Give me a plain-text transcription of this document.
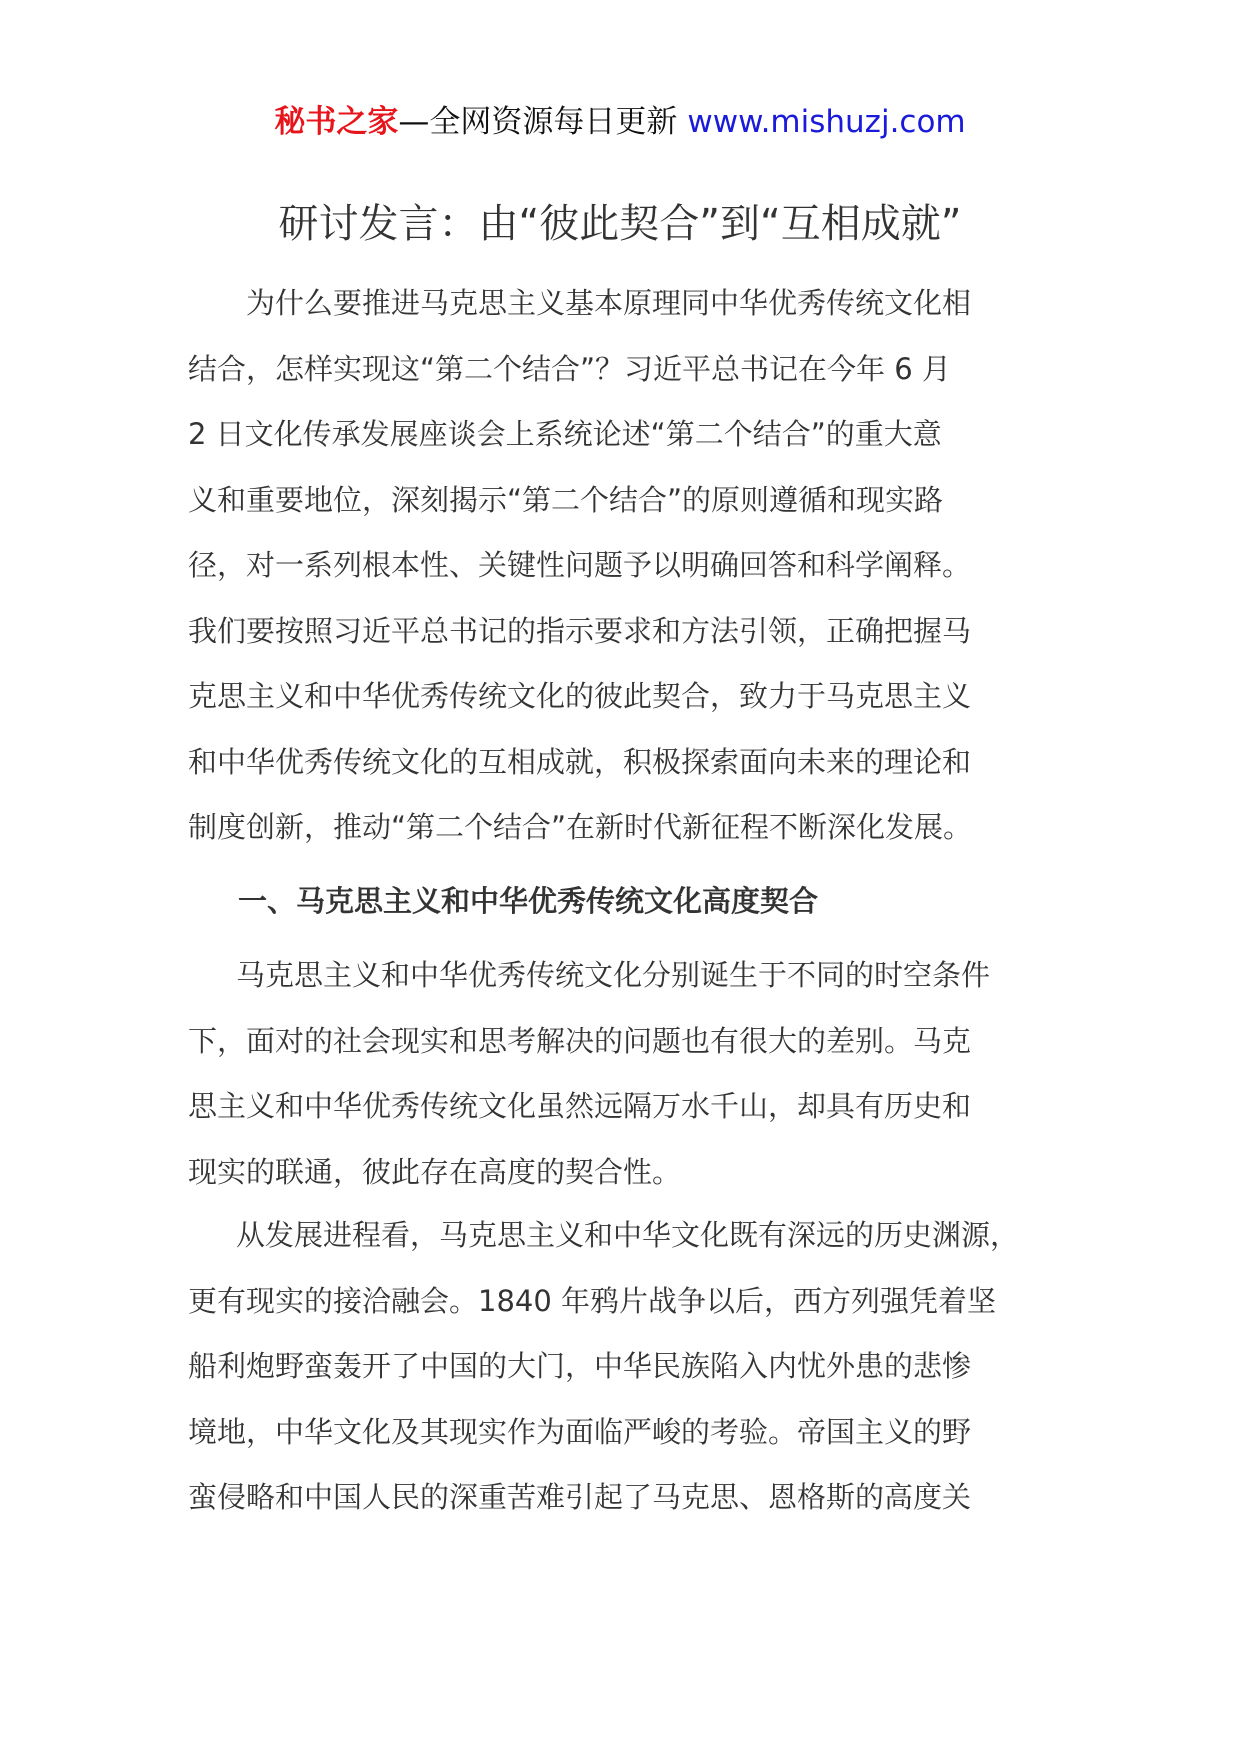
秘书之家—全网资源每日更新 www.mishuzj.com
研讨发言：由“彼此契合”到“互相成就”
为什么要推进马克思主义基本原理同中华优秀传统文化相
结合，怎样实现这“第二个结合”？习近平总书记在今年 6 月
2 日文化传承发展座谈会上系统论述“第二个结合”的重大意
义和重要地位，深刻揭示“第二个结合”的原则遵循和现实路
径，对一系列根本性、关键性问题予以明确回答和科学阐释。
我们要按照习近平总书记的指示要求和方法引领，正确把握马
克思主义和中华优秀传统文化的彼此契合，致力于马克思主义
和中华优秀传统文化的互相成就，积极探索面向未来的理论和
制度创新，推动“第二个结合”在新时代新征程不断深化发展。
一、马克思主义和中华优秀传统文化高度契合
马克思主义和中华优秀传统文化分别诞生于不同的时空条件
下，面对的社会现实和思考解决的问题也有很大的差别。马克
思主义和中华优秀传统文化虽然远隔万水千山，却具有历史和
现实的联通，彼此存在高度的契合性。
从发展进程看，马克思主义和中华文化既有深远的历史渊源，
更有现实的接洽融会。1840 年鸦片战争以后，西方列强凭着坚
船利炮野蛮轰开了中国的大门，中华民族陷入内忧外患的悲惨
境地，中华文化及其现实作为面临严峻的考验。帝国主义的野
蛮侵略和中国人民的深重苦难引起了马克思、恩格斯的高度关
